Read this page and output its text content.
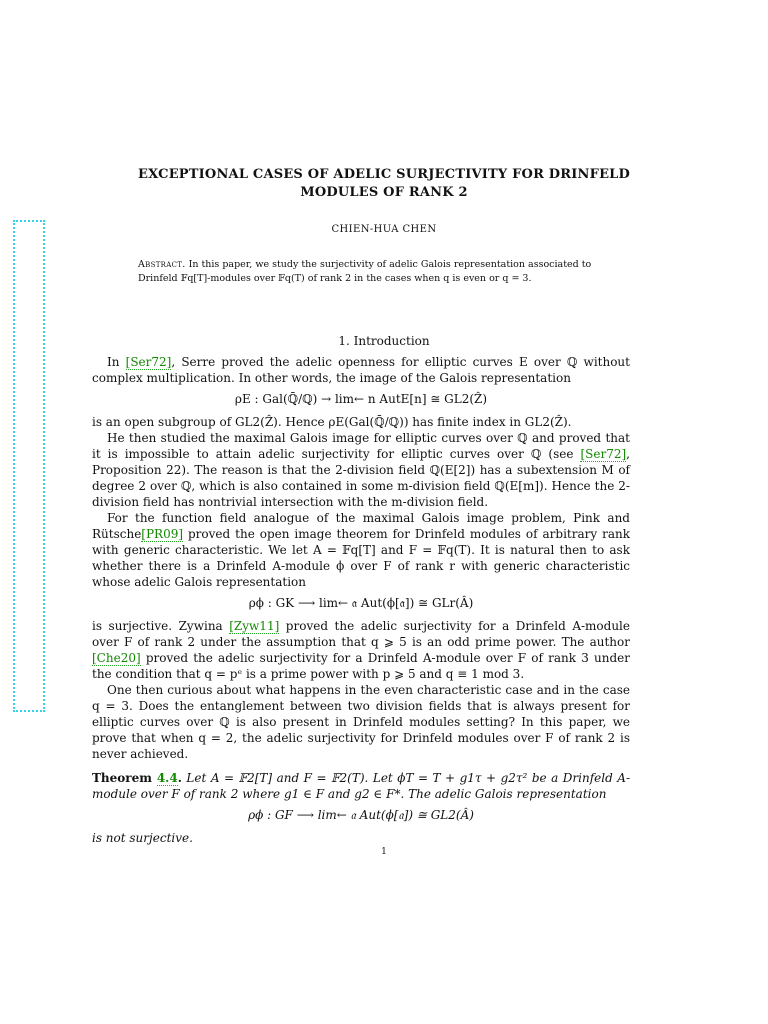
EXCEPTIONAL CASES OF ADELIC SURJECTIVITY FOR DRINFELD
MODULES OF RANK 2
CHIEN-HUA CHEN
Abstract. In this paper, we study the surjectivity of adelic Galois representation associated to Drinfeld 𝔽q[T]-modules over 𝔽q(T) of rank 2 in the cases when q is even or q = 3.
1. Introduction

In [Ser72], Serre proved the adelic openness for elliptic curves E over ℚ without complex multiplication. In other words, the image of the Galois representation

ρE : Gal(ℚ̄/ℚ) → lim← n AutE[n] ≅ GL2(Ẑ)

is an open subgroup of GL2(Ẑ). Hence ρE(Gal(ℚ̄/ℚ)) has finite index in GL2(Ẑ).

He then studied the maximal Galois image for elliptic curves over ℚ and proved that it is impossible to attain adelic surjectivity for elliptic curves over ℚ (see [Ser72], Proposition 22). The reason is that the 2-division field ℚ(E[2]) has a subextension M of degree 2 over ℚ, which is also contained in some m-division field ℚ(E[m]). Hence the 2-division field has nontrivial intersection with the m-division field.

For the function field analogue of the maximal Galois image problem, Pink and Rütsche[PR09] proved the open image theorem for Drinfeld modules of arbitrary rank with generic characteristic. We let A = 𝔽q[T] and F = 𝔽q(T). It is natural then to ask whether there is a Drinfeld A-module ϕ over F of rank r with generic characteristic whose adelic Galois representation

ρϕ : GK ⟶ lim← 𝔞 Aut(ϕ[𝔞]) ≅ GLr(Â)

is surjective. Zywina [Zyw11] proved the adelic surjectivity for a Drinfeld A-module over F of rank 2 under the assumption that q ⩾ 5 is an odd prime power. The author [Che20] proved the adelic surjectivity for a Drinfeld A-module over F of rank 3 under the condition that q = pᵉ is a prime power with p ⩾ 5 and q ≡ 1 mod 3.

One then curious about what happens in the even characteristic case and in the case q = 3. Does the entanglement between two division fields that is always present for elliptic curves over ℚ is also present in Drinfeld modules setting? In this paper, we prove that when q = 2, the adelic surjectivity for Drinfeld modules over F of rank 2 is never achieved.

Theorem 4.4. Let A = 𝔽2[T] and F = 𝔽2(T). Let ϕT = T + g1τ + g2τ² be a Drinfeld A-module over F of rank 2 where g1 ∈ F and g2 ∈ F*. The adelic Galois representation

ρϕ : GF ⟶ lim← 𝔞 Aut(ϕ[𝔞]) ≅ GL2(Â)

is not surjective.

1
